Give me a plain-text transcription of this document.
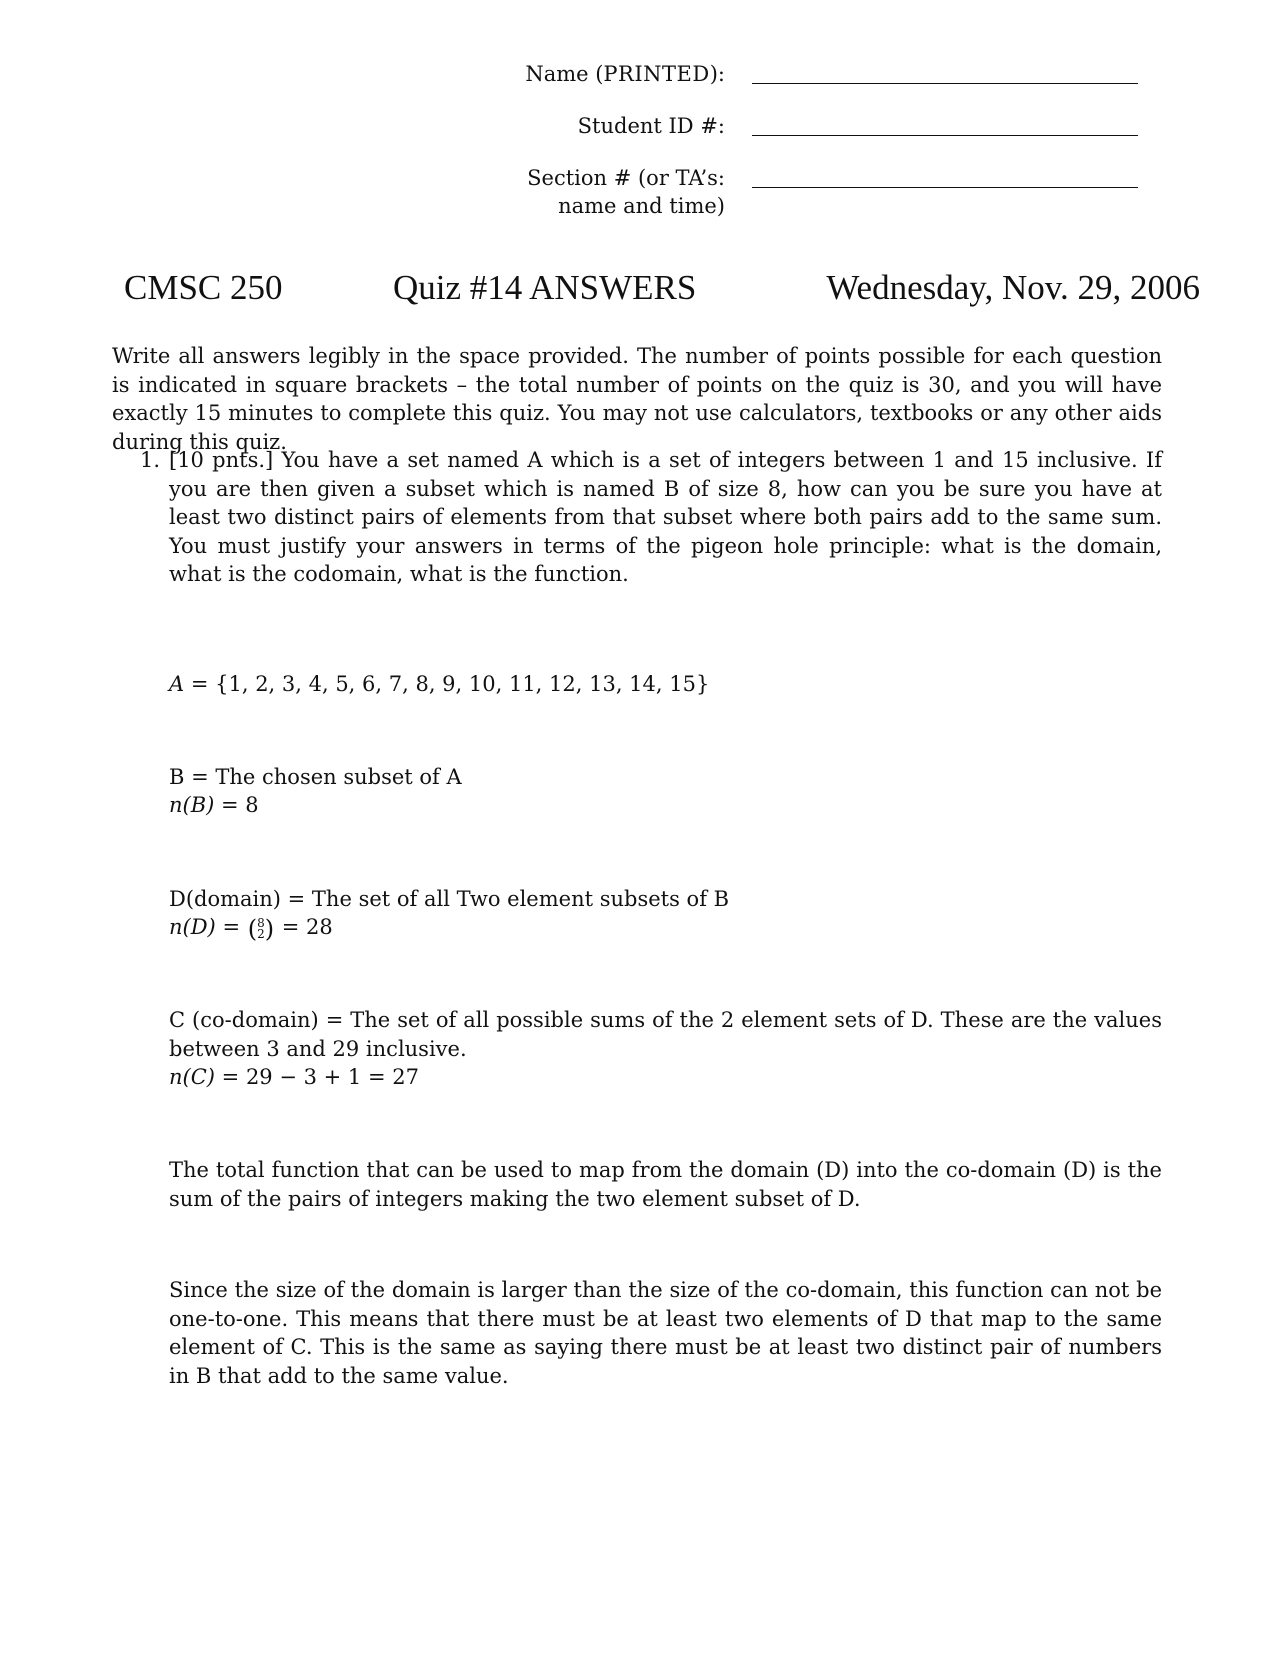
Name (PRINTED):
Student ID #:
Section # (or TA’s:
name and time)
CMSC 250	Quiz #14 ANSWERS	Wednesday, Nov. 29, 2006
Write all answers legibly in the space provided. The number of points possible for each question is indicated in square brackets – the total number of points on the quiz is 30, and you will have exactly 15 minutes to complete this quiz. You may not use calculators, textbooks or any other aids during this quiz.
1. [10 pnts.] You have a set named A which is a set of integers between 1 and 15 inclusive. If you are then given a subset which is named B of size 8, how can you be sure you have at least two distinct pairs of elements from that subset where both pairs add to the same sum. You must justify your answers in terms of the pigeon hole principle: what is the domain, what is the codomain, what is the function.
A = {1, 2, 3, 4, 5, 6, 7, 8, 9, 10, 11, 12, 13, 14, 15}
B = The chosen subset of A
n(B) = 8
D(domain) = The set of all Two element subsets of B
n(D) = ( 8
2 ) = 28
C (co-domain) = The set of all possible sums of the 2 element sets of D. These are the values between 3 and 29 inclusive.
n(C) = 29 − 3 + 1 = 27
The total function that can be used to map from the domain (D) into the co-domain (D) is the sum of the pairs of integers making the two element subset of D.
Since the size of the domain is larger than the size of the co-domain, this function can not be one-to-one. This means that there must be at least two elements of D that map to the same element of C. This is the same as saying there must be at least two distinct pair of numbers in B that add to the same value.
